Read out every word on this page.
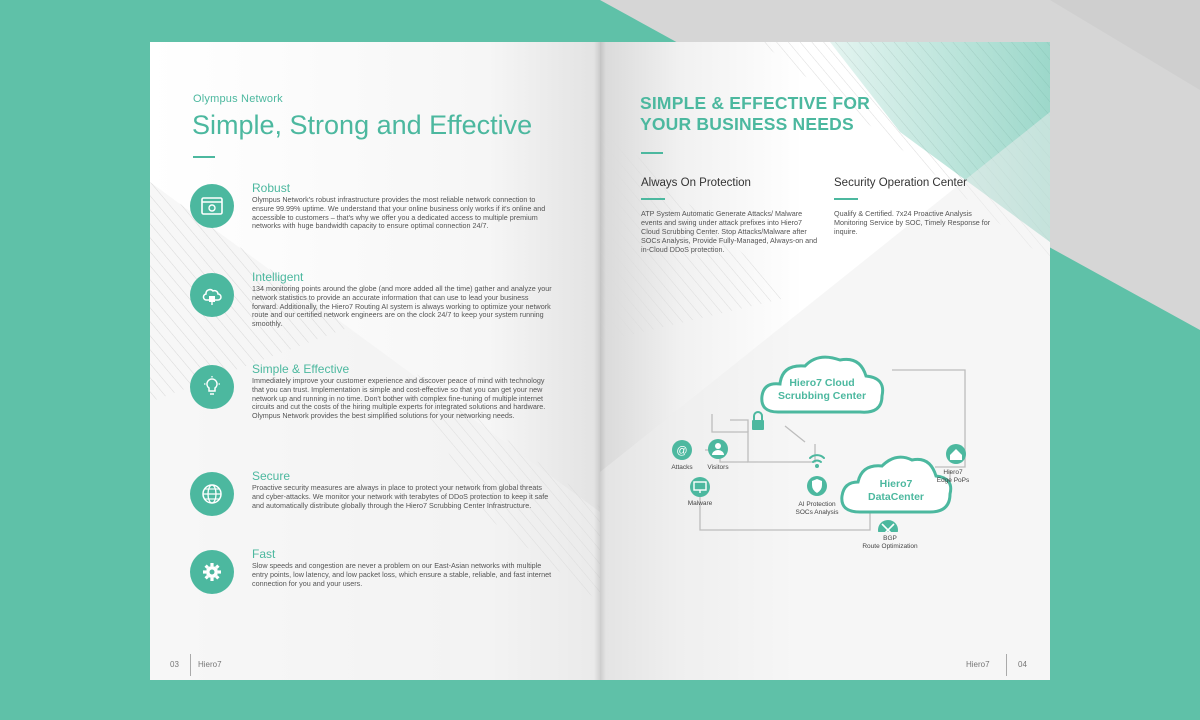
Olympus Network
Simple, Strong and Effective
Robust

Olympus Network's robust infrastructure provides the most reliable network connection to ensure 99.99% uptime. We understand that your online business only works if it's online and accessible to customers – that's why we offer you a dedicated access to multiple premium networks with huge bandwidth capacity to ensure optimal connection 24/7.

Intelligent

134 monitoring points around the globe (and more added all the time) gather and analyze your network statistics to provide an accurate information that can use to lead your business forward. Additionally, the Hiero7 Routing AI system is always working to optimize your network route and our certified network engineers are on the clock 24/7 to keep your system running smoothly.

Simple & Effective

Immediately improve your customer experience and discover peace of mind with technology that you can trust. Implementation is simple and cost-effective so that you can get your new network up and running in no time. Don't bother with complex fine-tuning of multiple internet circuits and cut the costs of the hiring multiple experts for integrated solutions and hardware. Olympus Network provides the best simplified solutions for your networking needs.

Secure

Proactive security measures are always in place to protect your network from global threats and cyber-attacks. We monitor your network with terabytes of DDoS protection to keep it safe and automatically distribute globally through the Hiero7 Scrubbing Center Infrastructure.

Fast

Slow speeds and congestion are never a problem on our East-Asian networks with multiple entry points, low latency, and low packet loss, which ensure a stable, reliable, and fast internet connection for you and your users.

03 Hiero7
SIMPLE & EFFECTIVE FOR
YOUR BUSINESS NEEDS
Always On Protection
ATP System Automatic Generate Attacks/ Malware events and swing under attack prefixes into Hiero7 Cloud Scrubbing Center. Stop Attacks/Malware after SOCs Analysis, Provide Fully-Managed, Always-on and in-Cloud DDoS protection.
Security Operation Center
Qualify & Certified. 7x24 Proactive Analysis Monitoring Service by SOC, Timely Response for inquire.
Hiero7 Cloud
Scrubbing Center
Hiero7
DataCenter
@
Attacks Visitors
Malware	AI Protection
SOCs Analysis
Hiero7
Edge PoPs
BGP
Route Optimization
Hiero7	04
